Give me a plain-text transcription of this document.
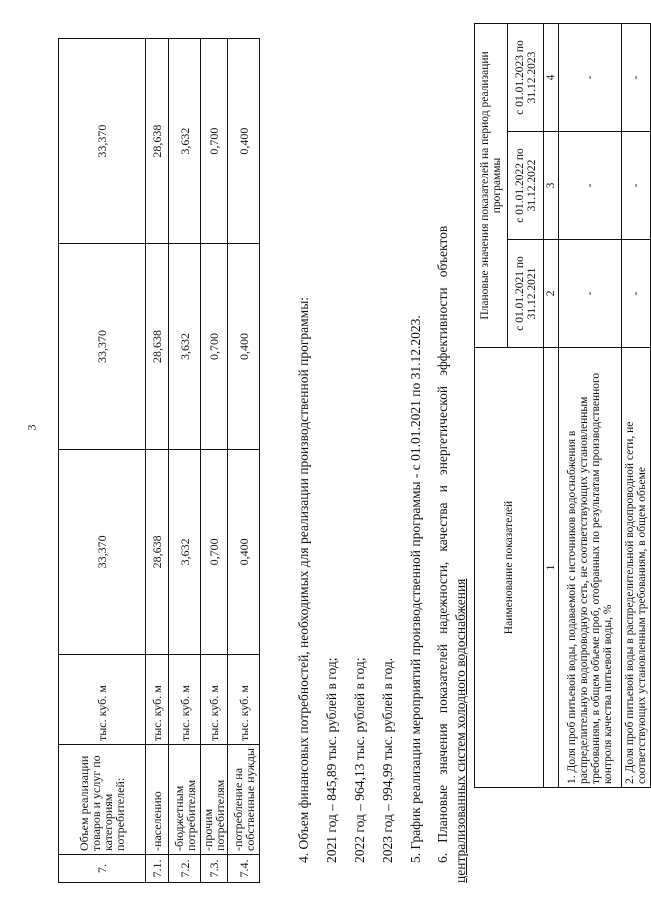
3
7.	Объем реализации товаров и услуг по категориям потребителей:	тыс. куб. м	33,370	33,370	33,370
7.1.	-населению	тыс. куб. м	28,638	28,638	28,638
7.2.	-бюджетным потребителям	тыс. куб. м	3,632	3,632	3,632
7.3.	-прочим потребителям	тыс. куб. м	0,700	0,700	0,700
7.4.	-потребление на собственные нужды	тыс. куб. м	0,400	0,400	0,400
4. Объем финансовых потребностей, необходимых для реализации производственной программы: 2021 год – 845,89 тыс. рублей в год; 2022 год – 964,13 тыс. рублей в год; 2023 год – 994,99 тыс. рублей в год. 5. График реализации мероприятий производственной программы - с 01.01.2021 по 31.12.2023. 6.   Плановые   значения   показателей   надежности,   качества   и   энергетической   эффективности   объектов централизованных систем холодного водоснабжения
Наименование показателей	Плановые значения показателей на период реализации программы		
	с 01.01.2021 по 31.12.2021	с 01.01.2022 по 31.12.2022	с 01.01.2023 по 31.12.2023
1	2	3	4
1. Доля проб питьевой воды, подаваемой с источников водоснабжения в распределительную водопроводную сеть, не соответствующих установленным требованиям, в общем объеме проб, отобранных по результатам производственного контроля качества питьевой воды, %	-	-	-
2. Доля проб питьевой воды в распределительной водопроводной сети, не соответствующих установленным требованиям, в общем объеме	-	-	-
